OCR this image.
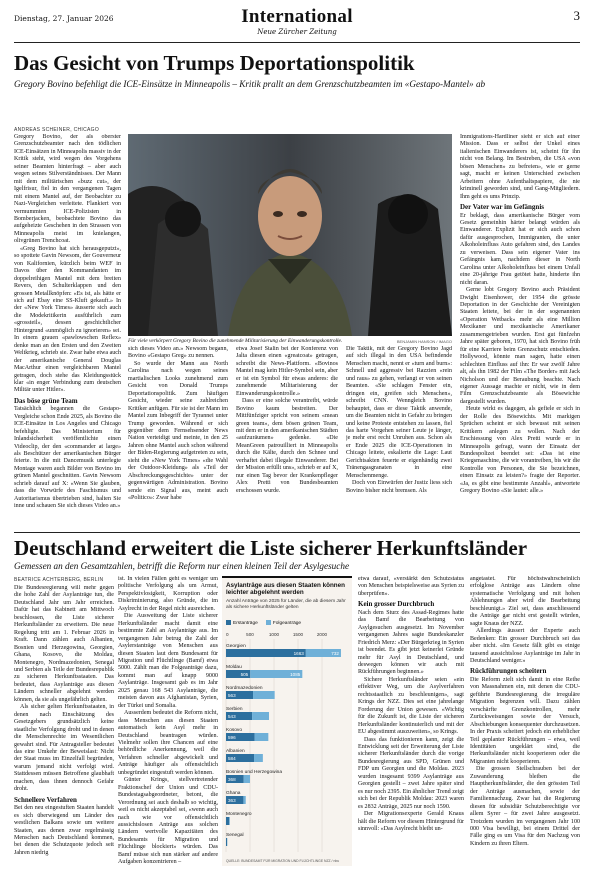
Dienstag, 27. Januar 2026	International
Neue Zürcher Zeitung
3
Das Gesicht von Trumps Deportationspolitik
Gregory Bovino befehligt die ICE-Einsätze in Minneapolis – Kritik prallt an dem Grenzschutzbeamten im «Gestapo-Mantel» ab
ANDREAS SCHEINER, CHICAGO

Gregory Bovino, der als oberster Grenzschutzbeamter nach den tödlichen ICE-Einsätzen in Minneapolis massiv in der Kritik steht, wird wegen des Vorgehens seiner Beamten hinterfragt – aber auch wegen seines Stilverständnisses. Der Mann mit dem militärischen «buzz cut», der Igelfrisur, fiel in den vergangenen Tagen mit einem Mantel auf, der Beobachter zu Nazi-Vergleichen verleitete. Flankiert von vermummten ICE-Polizisten in Bomberjacken, beobachtete Bovino das aufgeheizte Geschehen in den Strassen von Minneapolis meist im knielangen, olivgrünen Trenchcoat.

«Greg Bovino hat sich herausgeputzt», so spottete Gavin Newsom, der Gouverneur von Kalifornien, kürzlich beim WEF in Davos über den Kommandanten im doppelreihigen Mantel mit dem breiten Revers, den Schulterklappen und den grossen Metallknöpfen: «Es ist, als hätte er sich auf Ebay eine SS-Kluft gekauft.» In der «New York Times» äusserte sich auch die Modekritikerin ausführlich zum «grossteil», dessen geschichtlicher Hintergrund «unmöglich zu ignorieren» sei. In einem grauen «pawlowschen Reflex» denke man an den Ersten und den Zweiten Weltkrieg, schrieb sie. Zwar habe etwa auch der amerikanische General Douglas MacArthur einen vergleichbaren Mantel getragen, doch stehe das Kleidungsstück klar «in enger Verbindung zum deutschen Militär unter Hitler».

Das böse grüne Team

Tatsächlich begannen die Gestapo-Vergleiche schon Ende 2025, als Bovino die ICE-Einsätze in Los Angeles und Chicago befehligte. Das Ministerium für Inlandsicherheit veröffentlichte einen Videoclip, der den «commander at large» als Beschützer der amerikanischen Bürger feierte. In die mit Dancemusik unterlegte Montage waren auch Bilder von Bovino im grünen Mantel geschnitten. Gavin Newsom schrieb darauf auf X: «Wenn Sie glauben, dass die Vorwürfe des Faschismus und Autoritarismus übertrieben sind, halten Sie inne und schauen Sie sich dieses Video an.»

Für viele verkörpert Gregory Bovino die zunehmende Militarisierung der Einwanderungskontrolle.	BENJAMIN HANSON / IMAGO

sich dieses Video an.» Newsom begann, Bovino «Gestapo Greg» zu nennen.

So wurde der Mann aus North Carolina nach wegen seines martialischen Looks zunehmend zum Gesicht von Donald Trumps Deportationspolitik. Zum häufigen Gesicht, wieder seine zahlreichen Kritiker anfügen. Für sie ist der Mann im Mantel zum Inbegriff der Tyrannei unter Trump geworden. Während er sich gegenüber dem Fernsehsender News Nation verteidigt und meinte, in den 25 Jahren ohne Mantel auch schon während der Biden-Regierung aufgetreten zu sein, sieht die «New York Times» «die Wahl der Outdoor-Kleidung» als «Teil der Abschreckungsgeschichte» unter der gegenwärtigen Administration. Bovino sende ein Signal aus, meint auch «Politico»: Zwar habe

etwa Josef Stalin bei der Konferenz von Jalta diesen einen «greatcoat» getragen, schreibt die News-Plattform. «Bovinos Mantel mag kein Hitler-Symbol sein, aber er ist ein Symbol für etwas anderes: die zunehmende Militarisierung der Einwanderungskontrolle.»

Dass er eine solche verantreibt, würde Bovino kaum bestreiten. Der Mittfünfziger spricht von seinem «mean green team», dem bösen grünen Team, mit dem er in den amerikanischen Städten «aufzuräumen» gedenke. «Die MeanGreen patrouilliert in Minneapolis durch die Kälte, durch den Schnee und verhaftet dabei illegale Einwanderer. Bei der Mission erfüllt uns», schrieb er auf X, nur einen Tag bevor der Krankenpfleger Alex Pretti von Bundesbeamten erschossen wurde.

Die Taktik, mit der Gregory Bovino Jagd auf sich illegal in den USA befindende Menschen macht, nennt er «turn and burn»: Schnell und aggressiv bei Razzien «rein und raus» zu gehen, verlangt er von seinen Beamten. «Sie schlagen Fenster ein, dringen ein, greifen sich Menschen», schreibt CNN. Wenngleich Bovino behauptet, dass er diese Taktik anwende, um die Beamten nicht in Gefahr zu bringen und keine Proteste entstehen zu lassen, fiel das harte Vorgehen seiner Leute je länger, je mehr erst recht Unruhen aus. Schon als er Ende 2025 die ICE-Operationen in Chicago leitete, eskalierte die Lage: Laut Gerichtsakten feuerte er eigenhändig zwei Tränengasgranaten in eine Menschenmenge.

Doch von Einwürfen der Justiz liess sich Bovino bisher nicht bremsen. Als

Immigrations-Hardliner sieht er sich auf einer Mission. Dass er selbst der Unkel eines italienischen Einwanderers ist, scheint für ihn nicht von Belang. Im Bestreben, die USA «von bösen Menschen» zu befreien», wie er gerne sagt, macht er keinen Unterschied zwischen Arbeitern ohne Aufenthaltspapiere, die nie kriminell geworden sind, und Gang-Mitgliedern. Ihm geht es ums Prinzip.

Der Vater war im Gefängnis

Er beklagt, dass amerikanische Bürger vom Gesetz gemeinhin härter belangt würden als Einwanderer. Explizit hat er sich auch schon dafür ausgesprochen, Immigranten, die unter Alkoholeinfluss Auto gefahren sind, des Landes zu verweisen. Dass sein eigener Vater ins Gefängnis kam, nachdem dieser in North Carolina unter Alkoholeinfluss bei einem Unfall eine 20-jährige Frau getötet hatte, hinderte ihn nicht daran.

Gerne lobt Gregory Bovino auch Präsident Dwight Eisenhower, der 1954 die grösste Deportation in der Geschichte der Vereinigten Staaten leitete, bei der in der sogenannten «Operation Wetback» mehr als eine Million Mexikaner und mexikanische Amerikaner zusammengetrieben wurden. Erst gut fünfzehn Jahre später geboren, 1970, hat sich Bovino früh für eine Karriere beim Grenzschutz entschieden. Hollywood, könnte man sagen, hatte einen schlechten Einfluss auf ihn: Er war zwölf Jahre alt, als ihn 1982 der Film «The Border» mit Jack Nicholson und der Beraubung beachte. Nach eigener Aussage machte er nicht, wie in dem Film Grenzschutzbeamte als Bösewichte dargestellt wurden.

Heute wirkt es dagegen, als gefiele er sich in der Rolle des Bösewichts. Mit markigen Sprüchen scheint er sich bewusst mit seinen Kritikern anlegen zu wollen. Nach der Erschiessung von Alex Pretti wurde er in Minneapolis gefragt, wann der Einsatz der Bundespolizei beendet sei: «Das ist eine Kriegsmaschine, die wir vorantreiben, bis wir die Kontrolle von Personen, die Sie bezeichnen, einen Einsatz zu leisten?» fragte der Reporter. «Ja, es gibt eine bestimmte Anzahl», antwortete Gregory Bovino «Sie lautet: alle.»

Deutschland erweitert die Liste sicherer Herkunftsländer
Gemessen an den Gesamtzahlen, betrifft die Reform nur einen kleinen Teil der Asylgesuche
BEATRICE ACHTERBERG, BERLIN

Die Bundesregierung will mehr gegen die hohe Zahl der Asylanträge tun, die Deutschland Jahr um Jahr erreichen. Dafür hat das Kabinett am Mittwoch beschlossen, die Liste sicherer Herkunftsländer zu erweitern. Die neue Regelung tritt am 1. Februar 2026 in Kraft. Dann zählen auch Albanien, Bosnien und Herzegowina, Georgien, Ghana, Kosovo, die Moldau, Montenegro, Nordmazedonien, Senegal und Serbien als Teile der Bundesrepublik zu sicheren Herkunftsstaaten. Das bedeutet, dass Asylanträge aus diesen Ländern schneller abgelehnt werden können, da sie als ungefährlich gelten.

Als sicher gelten Herkunftsstaaten, in denen nach Einschätzung des Gesetzgebers grundsätzlich keine staatliche Verfolgung droht und in denen die Menschenrechte im Wesentlichen gewahrt sind. Für Antragsteller bedeutet das eine Umkehr der Beweislast: Nicht der Staat muss im Einzelfall begründen, warum jemand nicht verfolgt wird. Stattdessen müssen Betroffene glaubhaft machen, dass ihnen dennoch Gefahr droht.

Schnellere Verfahren

Bei den neu eingestuften Staaten handelt es sich überwiegend um Länder des westlichen Balkans sowie um weitere Staaten, aus denen zwar regelmässig Menschen nach Deutschland kommen, bei denen die Schutzquote jedoch seit Jahren niedrig

ist. In vielen Fällen geht es weniger um politische Verfolgung als um Armut, Perspektivlosigkeit, Korruption oder Diskriminierung, also Gründe, die im Asylrecht in der Regel nicht ausreichen.

Die Ausweitung der Liste sicherer Herkunftsländer macht damit eine bestimmte Zahl an Asylanträge aus. Im vergangenen Jahr betrug die Zahl der Asylerstanträge von Menschen aus diesen Staaten laut dem Bundesamt für Migration und Flüchtlinge (Bamf) etwa 5000. Zählt man die Folgeanträge dazu, kommt man auf knapp 9000 Asylanträge. Insgesamt gab es im Jahr 2025 genau 168 543 Asylanträge, die meisten davon aus Afghanistan, Syrien, der Türkei und Somalia.

Ausserdem bedeutet die Reform nicht, dass Menschen aus diesen Staaten automatisch kein Asyl mehr in Deutschland beantragen würden. Vielmehr sollen ihre Chancen auf eine behördliche Anerkennung, weil die Verfahren schneller abgewickelt und Anträge häufiger als offensichtlich unbegründet eingestuft werden können.

Günter Krings, stellvertretender Fraktionschef der Union und CDU-Bundestagsabgeordneter, betont, die Verordnung sei auch deshalb so wichtig, weil es nicht akzeptabel sei, «wenn auch nach wie vor offensichtlich aussichtslosen Anträge aus solchen Ländern wertvolle Kapazitäten des Bundesamts für Migration und Flüchtlinge blockiert» würden. Das Bamf müsse sich nun stärker auf andere Aufgaben konzentrieren –

Asylanträge aus diesen Staaten können leichter abgelehnt werden
Anzahl Anträge von 2025 für Länder, die ab diesem Jahr als sichere Herkunftsländer gelten
Erstanträge	Folgeanträge
0	500	1000	1500	2000
Georgien
1663	732
Moldau
505	1085
Nordmazedonien
563
Serbien
543
Kosovo
596
Albanien
584
Bosnien und Herzegowina
368
Ghana
363
Montenegro
Senegal
QUELLE: BUNDESAMT FÜR MIGRATION UND FLÜCHTLINGE NZZ / nbu

etwa darauf, «verstärkt den Schutzstatus von Menschen beispielsweise aus Syrien zu überprüfen».

Kein grosser Durchbruch

Nach dem Sturz des Assad-Regimes hatte das Bamf die Bearbeitung von Asylgesuchen ausgesetzt. Im November vergangenen Jahres sagte Bundeskanzler Friedrich Merz: «Der Bürgerkrieg in Syrien ist beendet. Es gibt jetzt keinerlei Gründe mehr für Asyl in Deutschland, und deswegen können wir auch mit Rückführungen beginnen.»

Sichere Herkunftsländer seien «ein effektiver Weg, um die Asylverfahren rechtsstaatlich zu beschleunigen», sagt Krings der NZZ. Dies sei eine jahrelange Forderung der Union gewesen. «Wichtig für die Zukunft ist, die Liste der sicheren Herkunftsländer kontinuierlich und mit der EU abgestimmt auszuweiten», so Krings.

Dass das funktionieren kann, zeigt die Entwicklung seit der Erweiterung der Liste sicherer Herkunftsländer durch die vorige Bundesregierung aus SPD, Grünen und FDP um Georgien und die Moldau. 2023 wurden insgesamt 9399 Asylanträge aus Georgien gestellt – zwei Jahre später sind es nur noch 2395. Ein ähnlicher Trend zeigt sich bei der Republik Moldau: 2023 waren es 2832 Anträge, 2025 nur noch 1590.

Der Migrationsexperte Gerald Knaus hält die Reform vor diesem Hintergrund für sinnvoll: «Das Asylrecht bleibt un-

angetastet. Für höchstwahrscheinlich erfolglose Anträge aus Ländern ohne systematische Verfolgung und mit hohen Ablehnungen aber wird die Bearbeitung beschleunigt.» Ziel sei, dass anschliessend die Anträge gar nicht erst gestellt würden, sagte Knaus der NZZ.

Allerdings äussert der Experte auch Bedenken: Ein grosser Durchbruch sei das aber nicht. «Im Gesetz fällt gibt es einige tausend aussichtslose Asylanträge im Jahr in Deutschland weniger.»

Rückführungen scheitern

Die Reform zielt sich damit in eine Reihe von Massnahmen ein, mit denen die CDU-geführte Bundesregierung die irreguläre Migration begrenzen will. Dazu zählen verschärfte Grenzkontrollen, mehr Zurückweisungen sowie der Versuch, Abschiebungen konsequenter durchzusetzen. In der Praxis scheitert jedoch ein erheblicher Teil geplanter Rückführungen – etwa, weil Identitäten ungeklärt sind, die Herkunftsländer nicht kooperieren oder die Migranten nicht kooperieren.

Die grossen Stellschrauben bei der Zuwanderung bleiben die Hauptherkunftsländer, die den grössten Teil der Anträge ausmachen, sowie der Familiennachzug. Zwar hat die Regierung diesen für subsidiär Schutzberechtigte vor allem Syrer – für zwei Jahre ausgesetzt. Trotzdem wurden im vergangenen Jahr 100 000 Visa bewilligt, bei einem Drittel der Fälle ging es um Visa für den Nachzug von Kindern zu ihren Eltern.
